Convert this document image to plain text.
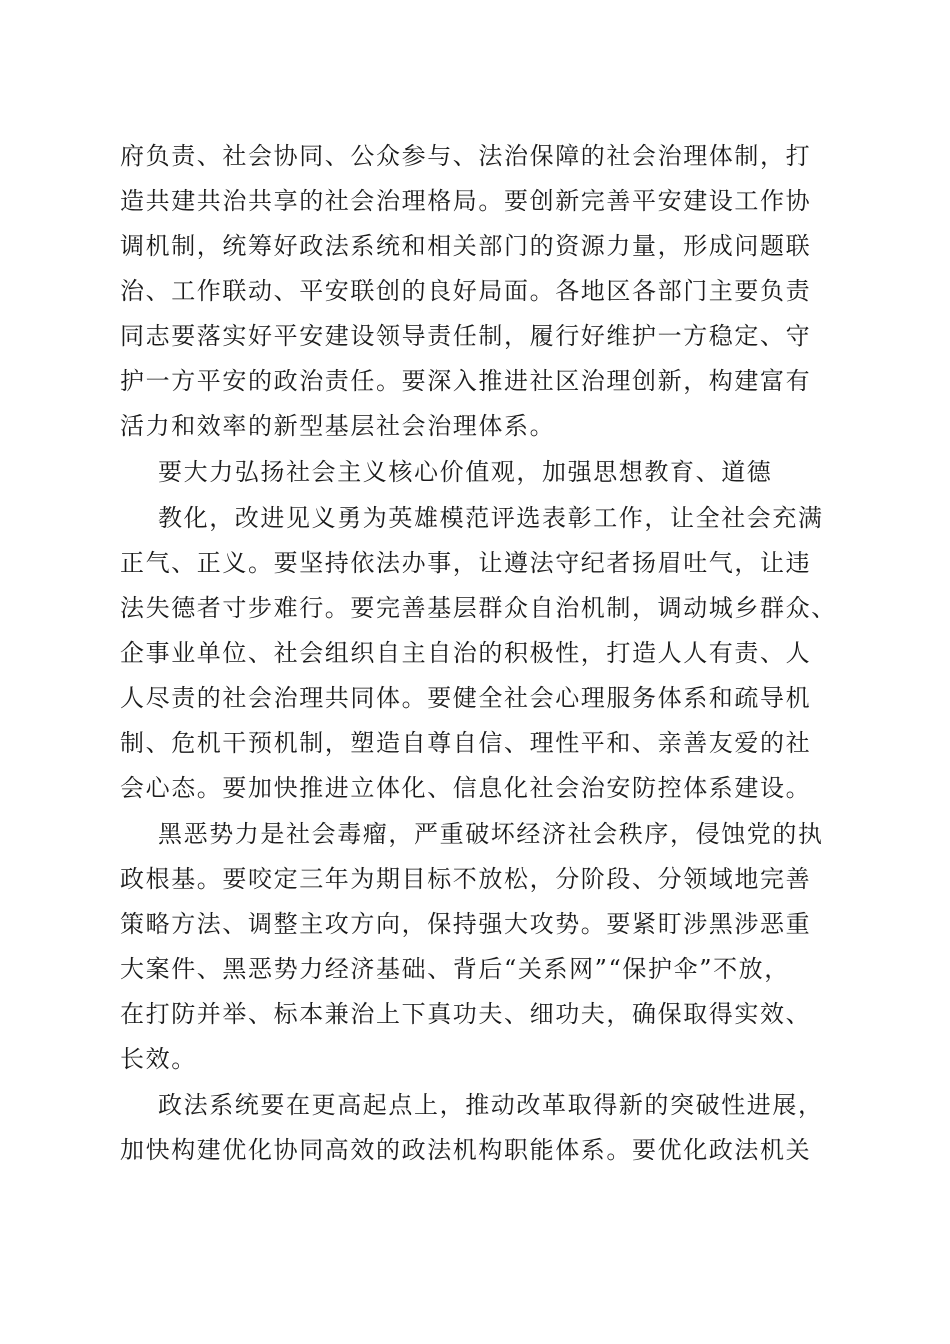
府负责、社会协同、公众参与、法治保障的社会治理体制，打
造共建共治共享的社会治理格局。要创新完善平安建设工作协
调机制，统筹好政法系统和相关部门的资源力量，形成问题联
治、工作联动、平安联创的良好局面。各地区各部门主要负责
同志要落实好平安建设领导责任制，履行好维护一方稳定、守
护一方平安的政治责任。要深入推进社区治理创新，构建富有
活力和效率的新型基层社会治理体系。
要大力弘扬社会主义核心价值观，加强思想教育、道德
教化，改进见义勇为英雄模范评选表彰工作，让全社会充满
正气、正义。要坚持依法办事，让遵法守纪者扬眉吐气，让违
法失德者寸步难行。要完善基层群众自治机制，调动城乡群众、
企事业单位、社会组织自主自治的积极性，打造人人有责、人
人尽责的社会治理共同体。要健全社会心理服务体系和疏导机
制、危机干预机制，塑造自尊自信、理性平和、亲善友爱的社
会心态。要加快推进立体化、信息化社会治安防控体系建设。
黑恶势力是社会毒瘤，严重破坏经济社会秩序，侵蚀党的执
政根基。要咬定三年为期目标不放松，分阶段、分领域地完善
策略方法、调整主攻方向，保持强大攻势。要紧盯涉黑涉恶重
大案件、黑恶势力经济基础、背后“关系网”“保护伞”不放，
在打防并举、标本兼治上下真功夫、细功夫，确保取得实效、
长效。
政法系统要在更高起点上，推动改革取得新的突破性进展，
加快构建优化协同高效的政法机构职能体系。要优化政法机关
